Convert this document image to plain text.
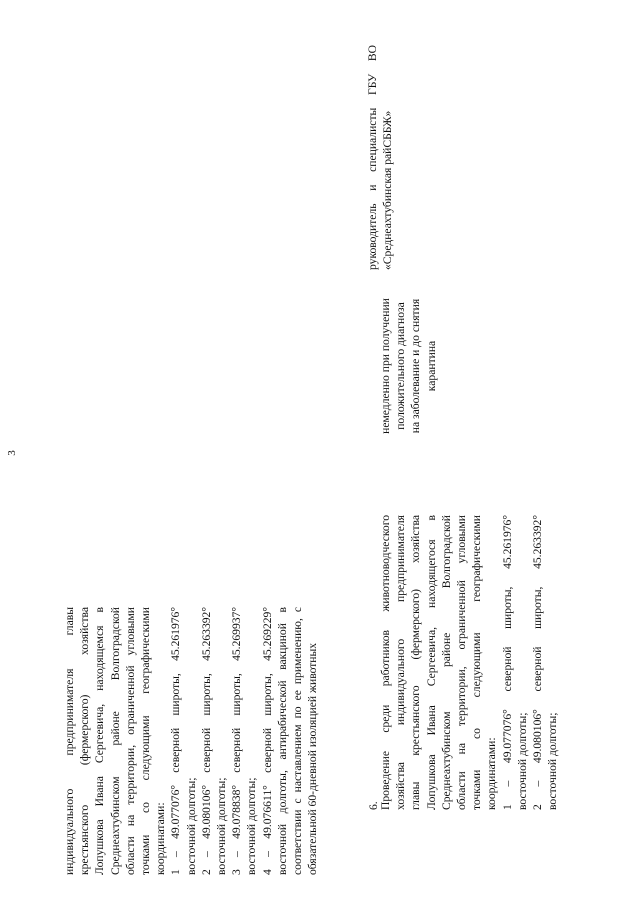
3
индивидуального предпринимателя главы крестьянского (фермерского) хозяйства Лопушкова Ивана Сергеевича, находящемся в Среднеахтубинском районе Волгоградской области на территории, ограниченной угловыми точками со следующими географическими координатами: 1 – 49.077076° северной широты, 45.261976° восточной долготы; 2 – 49.080106° северной широты, 45.263392° восточной долготы; 3 – 49.078838° северной широты, 45.269937° восточной долготы; 4 – 49.076611° северной широты, 45.269229° восточной долготы, антирабической вакциной в соответствии с наставлением по ее применению, с обязательной 60-дневной изоляцией животных	6. Проведение среди работников животноводческого хозяйства индивидуального предпринимателя главы крестьянского (фермерского) хозяйства Лопушкова Ивана Сергеевича, находящегося в Среднеахтубинском районе Волгоградской области на территории, ограниченной угловыми точками со следующими географическими координатами: 1 – 49.077076° северной широты, 45.261976° восточной долготы; 2 – 49.080106° северной широты, 45.263392° восточной долготы;
немедленно при получении положительного диагноза на заболевание и до снятия карантина
руководитель и специалисты ГБУ ВО «Среднеахтубинская райСББЖ»
